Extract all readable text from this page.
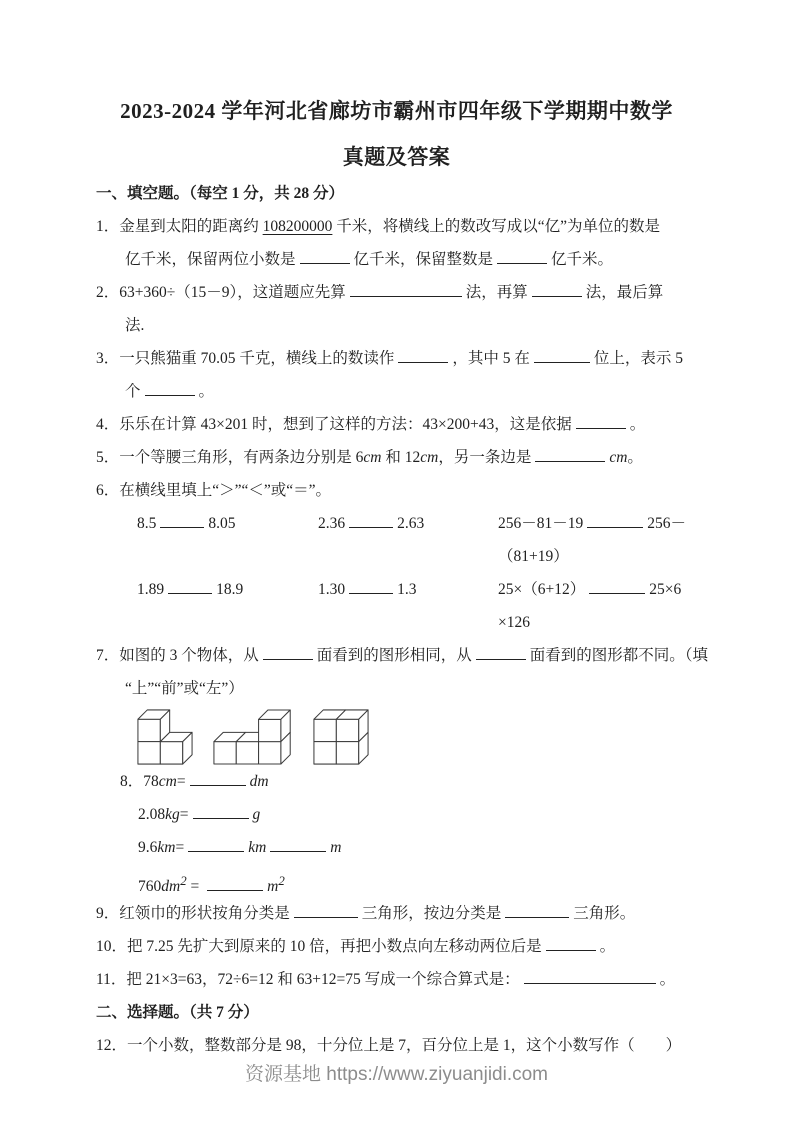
2023-2024 学年河北省廊坊市霸州市四年级下学期期中数学
真题及答案
一、填空题。（每空 1 分，共 28 分）
1．金星到太阳的距离约 108200000 千米，将横线上的数改写成以“亿”为单位的数是
亿千米，保留两位小数是	亿千米，保留整数是	亿千米。
2．63+360÷（15－9），这道题应先算	法，再算	法，最后算
法.
3．一只熊猫重 70.05 千克，横线上的数读作	，其中 5 在	位上，表示 5
个	。
4．乐乐在计算 43×201 时，想到了这样的方法：43×200+43，这是依据	。
5．一个等腰三角形，有两条边分别是 6cm 和 12cm，另一条边是	cm。
6．在横线里填上“＞”“＜”或“＝”。
8.5	8.05	2.36	2.63	256－81－19	256－
（81+19）
1.89	18.9	1.30	1.3	25×（6+12）	25×6
×126
7．如图的 3 个物体，从	面看到的图形相同，从	面看到的图形都不同。（填
“上”“前”或“左”）
8．78cm=	dm
2.08kg=	g
9.6km=	km	m
$760dm^2$ =	$m^2$
9．红领巾的形状按角分类是	三角形，按边分类是	三角形。
10．把 7.25 先扩大到原来的 10 倍，再把小数点向左移动两位后是	。
11．把 21×3=63，72÷6=12 和 63+12=75 写成一个综合算式是：	。
二、选择题。（共 7 分）
12．一个小数，整数部分是 98，十分位上是 7，百分位上是 1，这个小数写作（　　）
资源基地 https://www.ziyuanjidi.com
